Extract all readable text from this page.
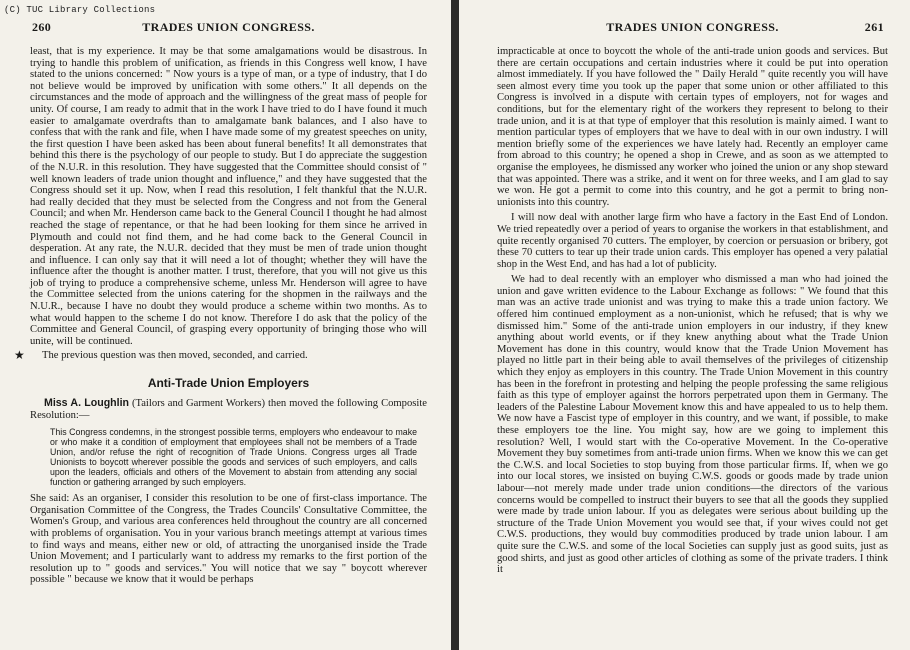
(C) TUC Library Collections
260	TRADES UNION CONGRESS.

least, that is my experience. It may be that some amalgamations would be disastrous. In trying to handle this problem of unification, as friends in this Congress well know, I have stated to the unions concerned: " Now yours is a type of man, or a type of industry, that I do not believe would be improved by unification with some others." It all depends on the circumstances and the mode of approach and the willingness of the great mass of people for unity. Of course, I am ready to admit that in the work I have tried to do I have found it much easier to amalgamate overdrafts than to amalgamate bank balances, and I also have to confess that with the rank and file, when I have made some of my greatest speeches on unity, the first question I have been asked has been about funeral benefits! It all demonstrates that behind this there is the psychology of our people to study. But I do appreciate the suggestion of the N.U.R. in this resolution. They have suggested that the Committee should consist of " well known leaders of trade union thought and influence," and they have suggested that the Congress should set it up. Now, when I read this resolution, I felt thankful that the N.U.R. had really decided that they must be selected from the Congress and not from the General Council; and when Mr. Henderson came back to the General Council I thought he had almost reached the stage of repentance, or that he had been looking for them since he arrived in Plymouth and could not find them, and he had come back to the General Council in desperation. At any rate, the N.U.R. decided that they must be men of trade union thought and influence. I can only say that it will need a lot of thought; whether they will have the influence after the thought is another matter. I trust, therefore, that you will not give us this job of trying to produce a comprehensive scheme, unless Mr. Henderson will agree to have the Committee selected from the unions catering for the shopmen in the railways and the N.U.R., because I have no doubt they would produce a scheme within two months. As to what would happen to the scheme I do not know. Therefore I do ask that the policy of the Committee and General Council, of grasping every opportunity of bringing those who will unite, will be continued.

★	The previous question was then moved, seconded, and carried.

Anti-Trade Union Employers

Miss A. Loughlin (Tailors and Garment Workers) then moved the following Composite Resolution:—

This Congress condemns, in the strongest possible terms, employers who endeavour to make or who make it a condition of employment that employees shall not be members of a Trade Union, and/or refuse the right of recognition of Trade Unions. Congress urges all Trade Unionists to boycott wherever possible the goods and services of such employers, and calls upon the leaders, officials and others of the Movement to abstain from attending any social function or gathering arranged by such employers.

She said: As an organiser, I consider this resolution to be one of first-class importance. The Organisation Committee of the Congress, the Trades Councils' Consultative Committee, the Women's Group, and various area conferences held throughout the country are all concerned with problems of organisation. You in your various branch meetings attempt at various times to find ways and means, either new or old, of attracting the unorganised inside the Trade Union Movement; and I particularly want to address my remarks to the first portion of the resolution up to " goods and services." You will notice that we say " boycott wherever possible " because we know that it would be perhaps

TRADES UNION CONGRESS.	261

impracticable at once to boycott the whole of the anti-trade union goods and services. But there are certain occupations and certain industries where it could be put into operation almost immediately. If you have followed the " Daily Herald " quite recently you will have seen almost every time you took up the paper that some union or other affiliated to this Congress is involved in a dispute with certain types of employers, not for wages and conditions, but for the elementary right of the workers they represent to belong to their trade union, and it is at that type of employer that this resolution is mainly aimed. I want to mention particular types of employers that we have to deal with in our own industry. I will mention briefly some of the experiences we have lately had. Recently an employer came from abroad to this country; he opened a shop in Crewe, and as soon as we attempted to organise the employees, he dismissed any worker who joined the union or any shop steward that was appointed. There was a strike, and it went on for three weeks, and I am glad to say we won. He got a permit to come into this country, and he got a permit to bring non-unionists into this country.

I will now deal with another large firm who have a factory in the East End of London. We tried repeatedly over a period of years to organise the workers in that establishment, and quite recently organised 70 cutters. The employer, by coercion or persuasion or bribery, got these 70 cutters to tear up their trade union cards. This employer has opened a very palatial shop in the West End, and has had a lot of publicity.

We had to deal recently with an employer who dismissed a man who had joined the union and gave written evidence to the Labour Exchange as follows: " We found that this man was an active trade unionist and was trying to make this a trade union factory. We offered him continued employment as a non-unionist, which he refused; that is why we dismissed him." Some of the anti-trade union employers in our industry, if they knew anything about world events, or if they knew anything about what the Trade Union Movement has done in this country, would know that the Trade Union Movement has played no little part in their being able to avail themselves of the privileges of citizenship which they enjoy as employers in this country. The Trade Union Movement in this country has been in the forefront in protesting and helping the people professing the same religious faith as this type of employer against the horrors perpetrated upon them in Germany. The leaders of the Palestine Labour Movement know this and have appealed to us to help them. We now have a Fascist type of employer in this country, and we want, if possible, to make these employers toe the line. You might say, how are we going to implement this resolution? Well, I would start with the Co-operative Movement. In the Co-operative Movement they buy sometimes from anti-trade union firms. When we know this we can get the C.W.S. and local Societies to stop buying from those particular firms. If, when we go into our local stores, we insisted on buying C.W.S. goods or goods made by trade union labour—not merely made under trade union conditions—the directors of the various concerns would be compelled to instruct their buyers to see that all the goods they supplied were made by trade union labour. If you as delegates were serious about building up the structure of the Trade Union Movement you would see that, if your wives could not get C.W.S. productions, they would buy commodities produced by trade union labour. I am quite sure the C.W.S. and some of the local Societies can supply just as good suits, just as good shirts, and just as good other articles of clothing as some of the private traders. I think it
